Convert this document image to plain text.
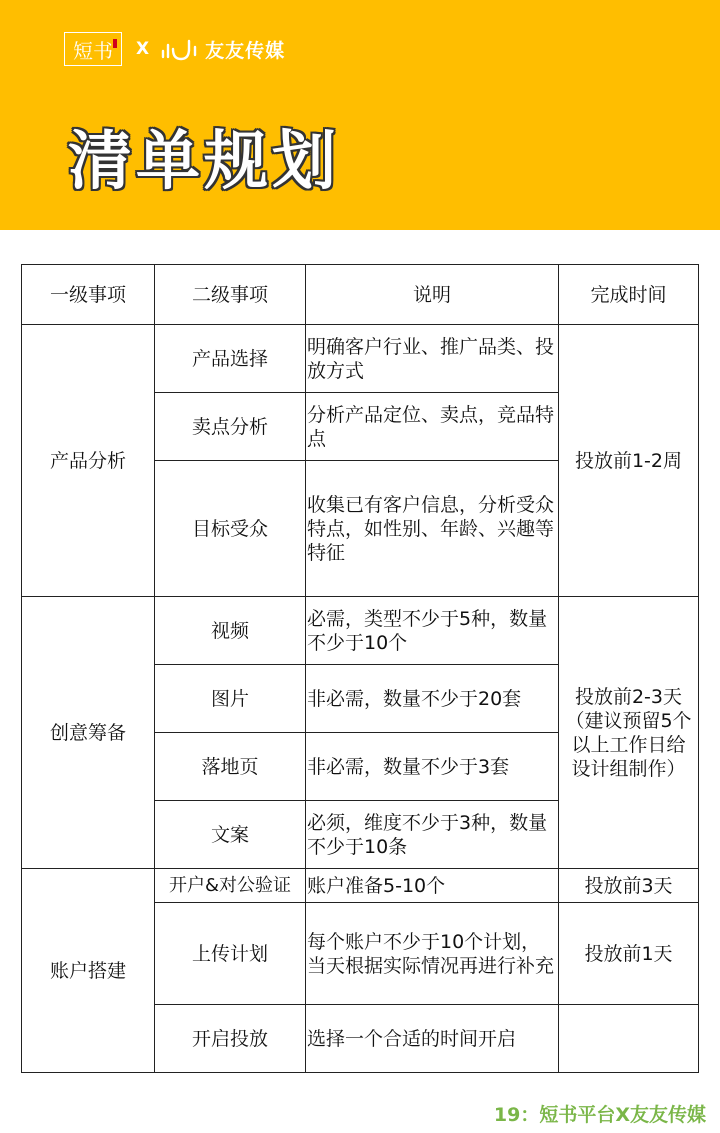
短书 X	友友传媒
清单规划
一级事项	二级事项	说明	完成时间
产品分析	产品选择	明确客户行业、推广品类、投放方式	投放前1-2周
	卖点分析	分析产品定位、卖点，竞品特点	
	目标受众	收集已有客户信息，分析受众特点，如性别、年龄、兴趣等特征	
创意筹备	视频	必需，类型不少于5种，数量不少于10个	投放前2-3天（建议预留5个以上工作日给设计组制作）
	图片	非必需，数量不少于20套	
	落地页	非必需，数量不少于3套	
	文案	必须，维度不少于3种，数量不少于10条	
账户搭建	开户&对公验证	账户准备5-10个	投放前3天
	上传计划	每个账户不少于10个计划，当天根据实际情况再进行补充	投放前1天
	开启投放	选择一个合适的时间开启	
19：短书平台X友友传媒
